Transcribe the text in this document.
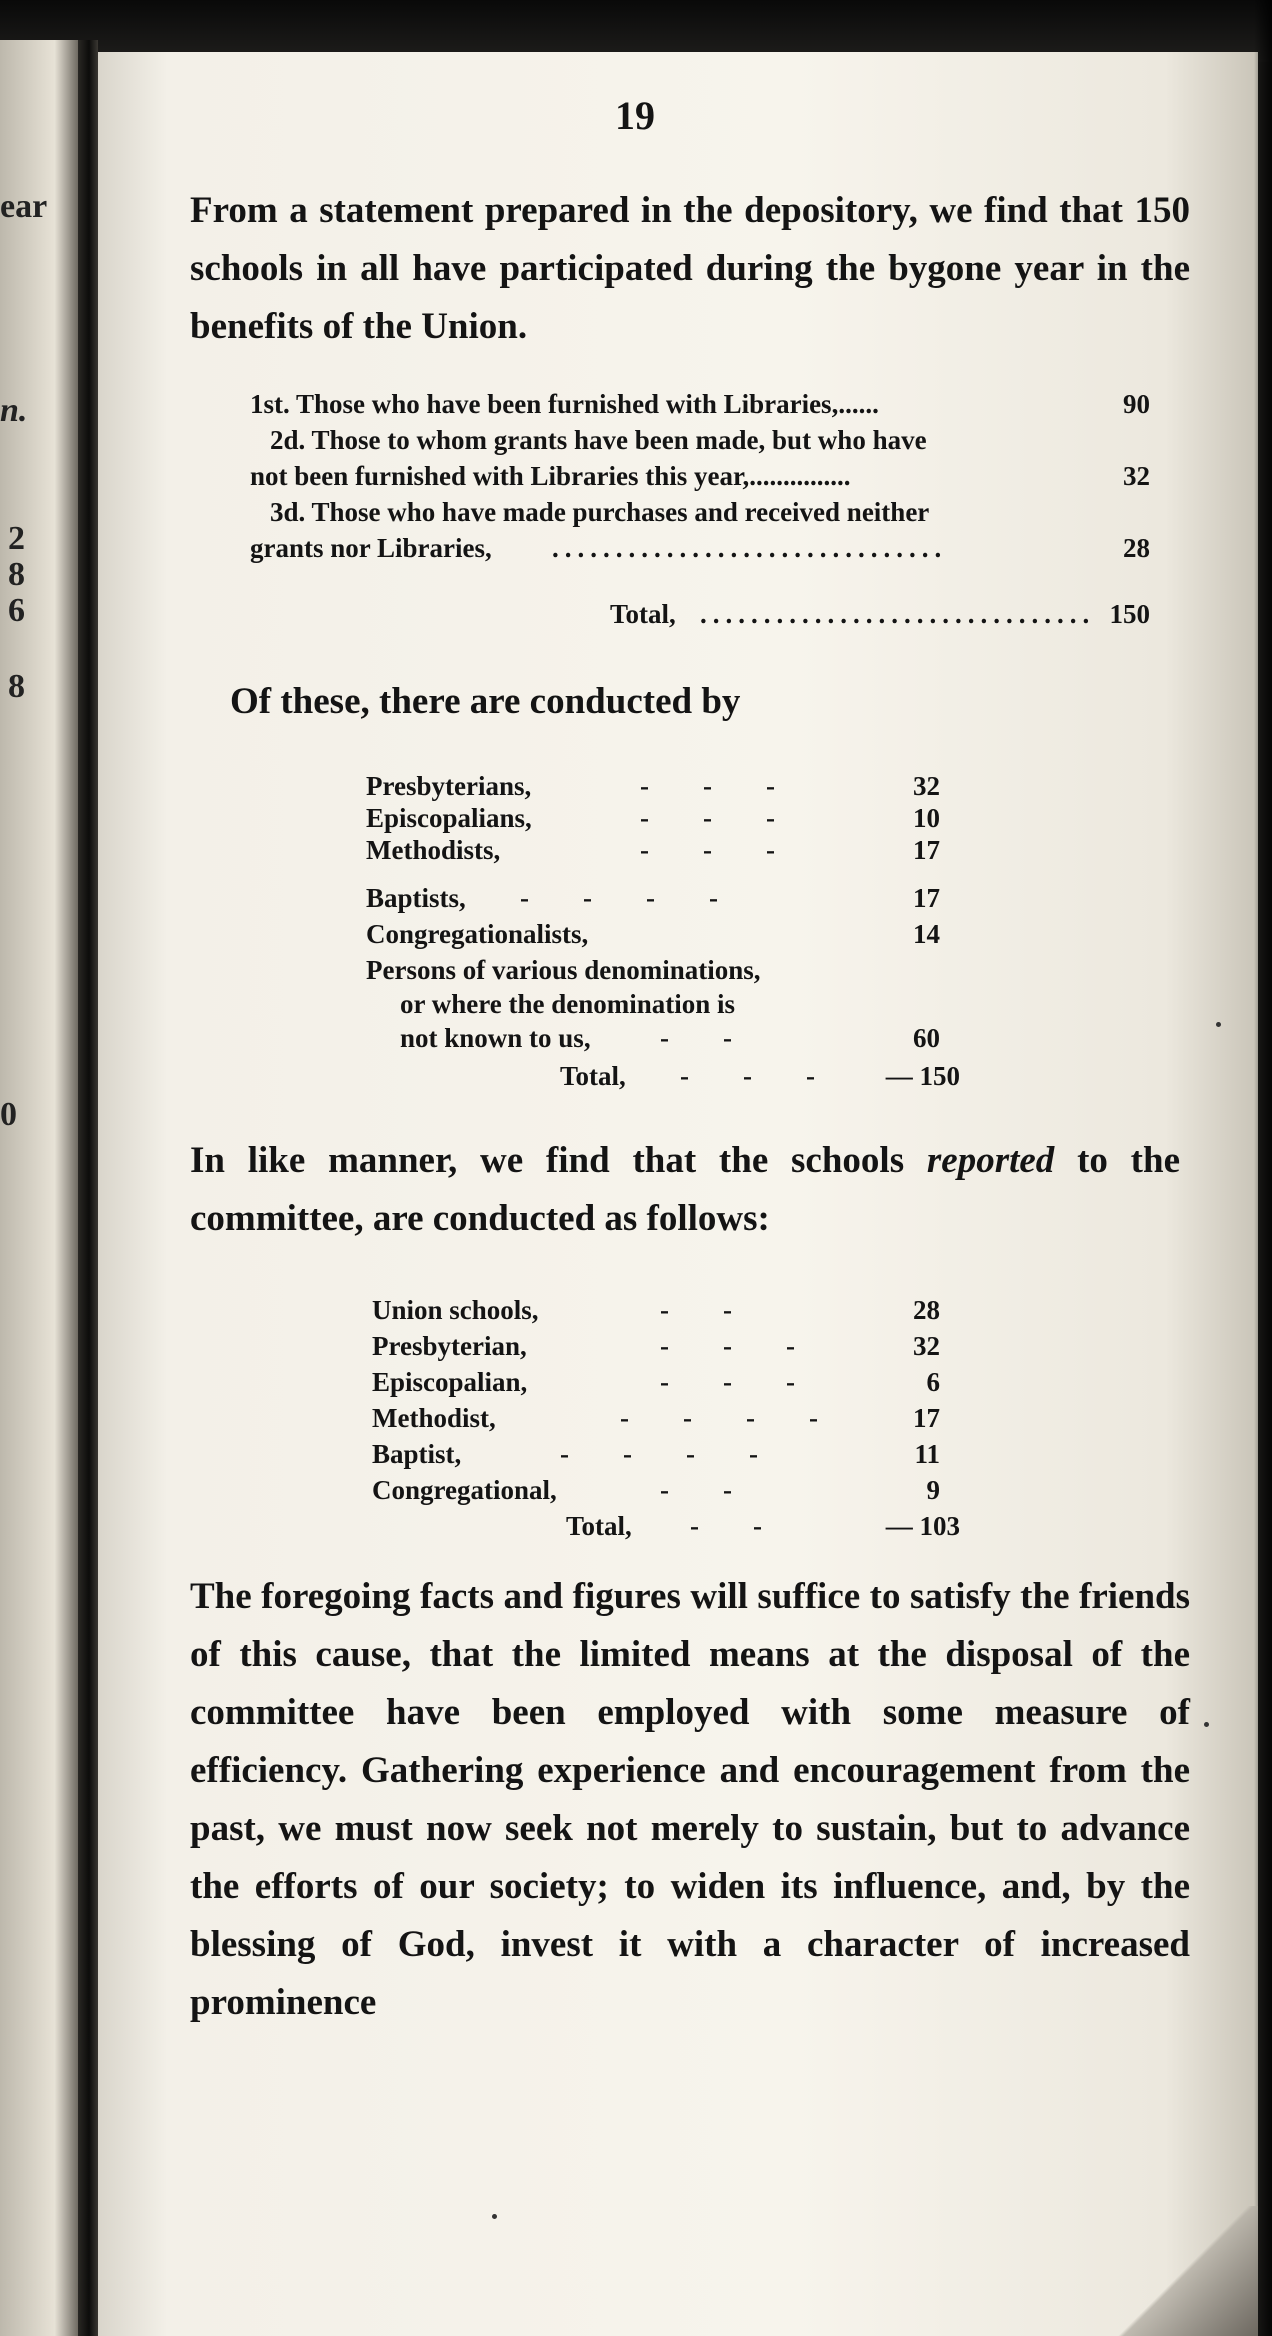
ear
n.
2
8
6
8
0
19

From a statement prepared in the depository, we find that 150 schools in all have participated during the bygone year in the benefits of the Union.

1st. Those who have been furnished with Libraries,......	90
2d. Those to whom grants have been made, but who have
not been furnished with Libraries this year,...............	32
3d. Those who have made purchases and received neither
grants nor Libraries, ...............................	28
Total, ............................... 150
Of these, there are conducted by
Presbyterians,	-        -        -	32
Episcopalians,	-        -        -	10
Methodists,	-        -        -	17
Baptists, -        -        -        -	17
Congregationalists,	14
Persons of various denominations,
or where the denomination is
not known to us,	-        -	60
Total, -        -        -	— 150

In like manner, we find that the schools reported to the committee, are conducted as follows:

Union schools,	-        -	28
Presbyterian,	-        -        -	32
Episcopalian,	-        -        -	6
Methodist,	-        -        -        -	17
Baptist,	-        -        -        -	11
Congregational,	-        -	9
Total, -        -	— 103

The foregoing facts and figures will suffice to satisfy the friends of this cause, that the limited means at the disposal of the committee have been employed with some measure of efficiency. Gathering experience and encouragement from the past, we must now seek not merely to sustain, but to advance the efforts of our society; to widen its influence, and, by the blessing of God, invest it with a character of increased prominence
